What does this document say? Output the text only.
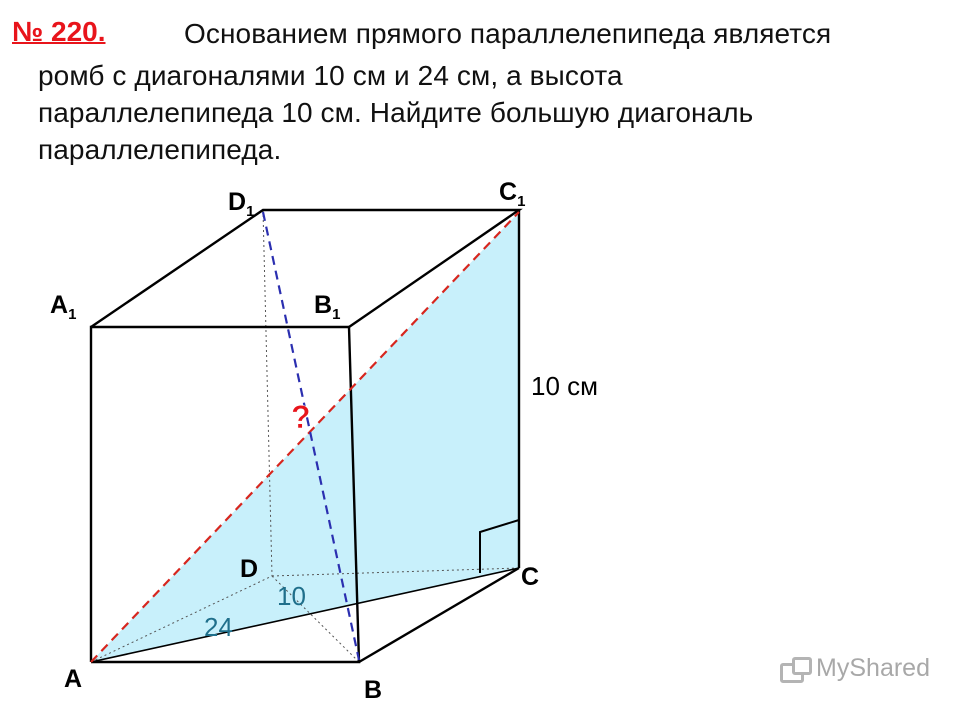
№ 220.	Основанием прямого параллелепипеда является
ромб с диагоналями 10 см и 24 см, а высота
параллелепипеда 10 см. Найдите большую диагональ
параллелепипеда.
A	B
C
D
$A_1$	$B_1$
$C_1$
$D_1$
10 см
10
24
?
MyShared
